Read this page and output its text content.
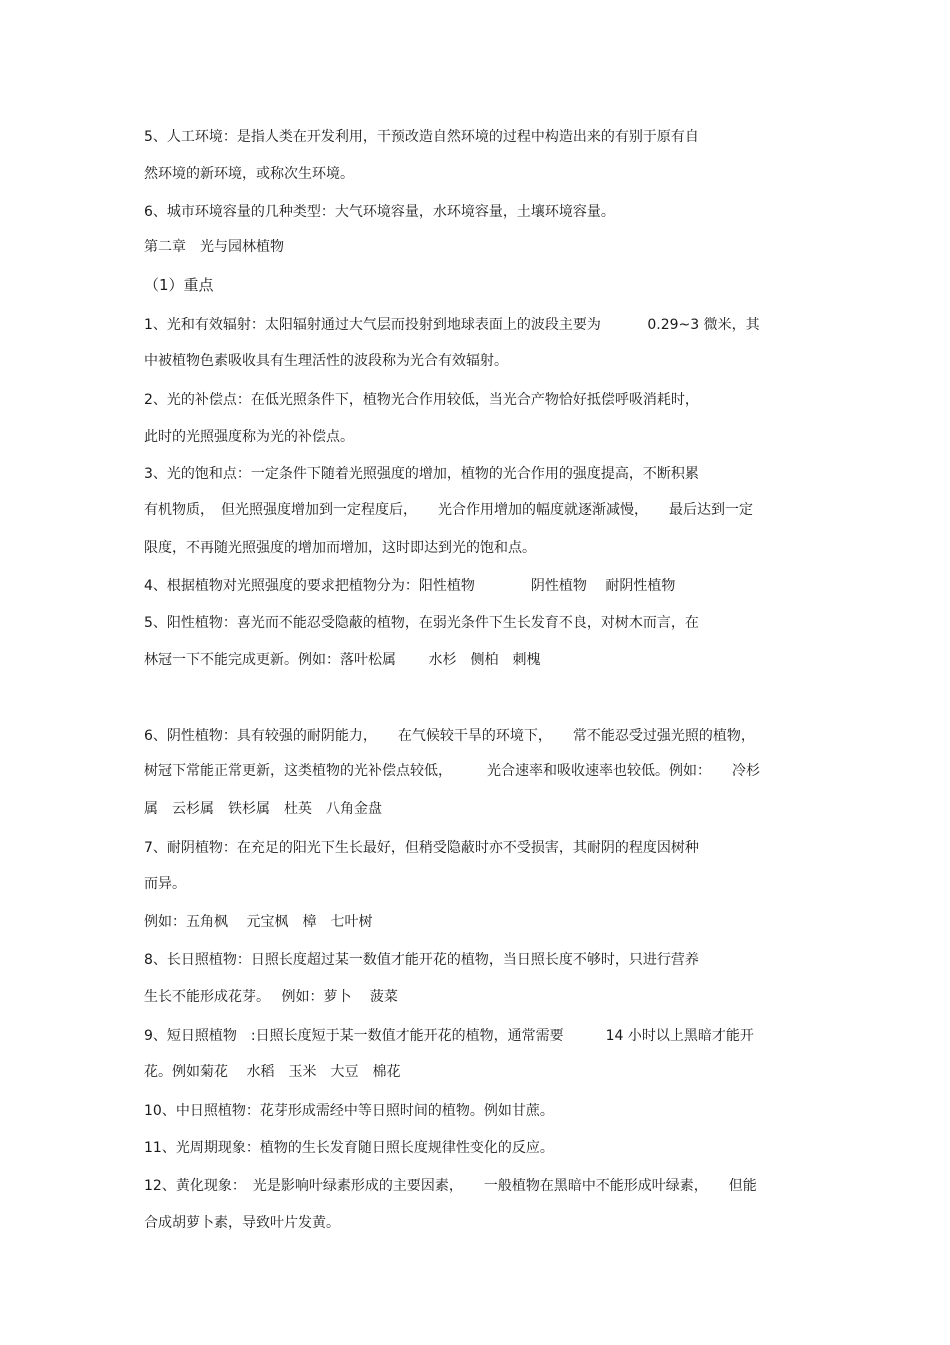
5、人工环境：是指人类在开发利用，干预改造自然环境的过程中构造出来的有别于原有自
然环境的新环境，或称次生环境。
6、城市环境容量的几种类型：大气环境容量，水环境容量，土壤环境容量。
第二章　光与园林植物
（1）重点
1、光和有效辐射：太阳辐射通过大气层而投射到地球表面上的波段主要为　　　 0.29~3 微米，其
中被植物色素吸收具有生理活性的波段称为光合有效辐射。
2、光的补偿点：在低光照条件下，植物光合作用较低，当光合产物恰好抵偿呼吸消耗时，
此时的光照强度称为光的补偿点。
3、光的饱和点：一定条件下随着光照强度的增加，植物的光合作用的强度提高，不断积累
有机物质，　但光照强度增加到一定程度后，　　光合作用增加的幅度就逐渐减慢，　　最后达到一定
限度，不再随光照强度的增加而增加，这时即达到光的饱和点。
4、根据植物对光照强度的要求把植物分为：阳性植物　　　　阴性植物　 耐阴性植物
5、阳性植物：喜光而不能忍受隐蔽的植物，在弱光条件下生长发育不良，对树木而言，在
林冠一下不能完成更新。例如：落叶松属　　 水杉　侧柏　刺槐
6、阴性植物：具有较强的耐阴能力，　　在气候较干旱的环境下，　　常不能忍受过强光照的植物，
树冠下常能正常更新，这类植物的光补偿点较低，　　　光合速率和吸收速率也较低。例如：　　冷杉
属　云杉属　铁杉属　杜英　八角金盘
7、耐阴植物：在充足的阳光下生长最好，但稍受隐蔽时亦不受损害，其耐阴的程度因树种
而异。
例如：五角枫　 元宝枫　樟　七叶树
8、长日照植物：日照长度超过某一数值才能开花的植物，当日照长度不够时，只进行营养
生长不能形成花芽。　 例如：萝卜　 菠菜
9、短日照植物　:日照长度短于某一数值才能开花的植物，通常需要　　　14 小时以上黑暗才能开
花。例如菊花　 水稻　玉米　大豆　棉花
10、中日照植物：花芽形成需经中等日照时间的植物。例如甘蔗。
11、光周期现象：植物的生长发育随日照长度规律性变化的反应。
12、黄化现象：　光是影响叶绿素形成的主要因素，　　一般植物在黑暗中不能形成叶绿素，　　但能
合成胡萝卜素，导致叶片发黄。
